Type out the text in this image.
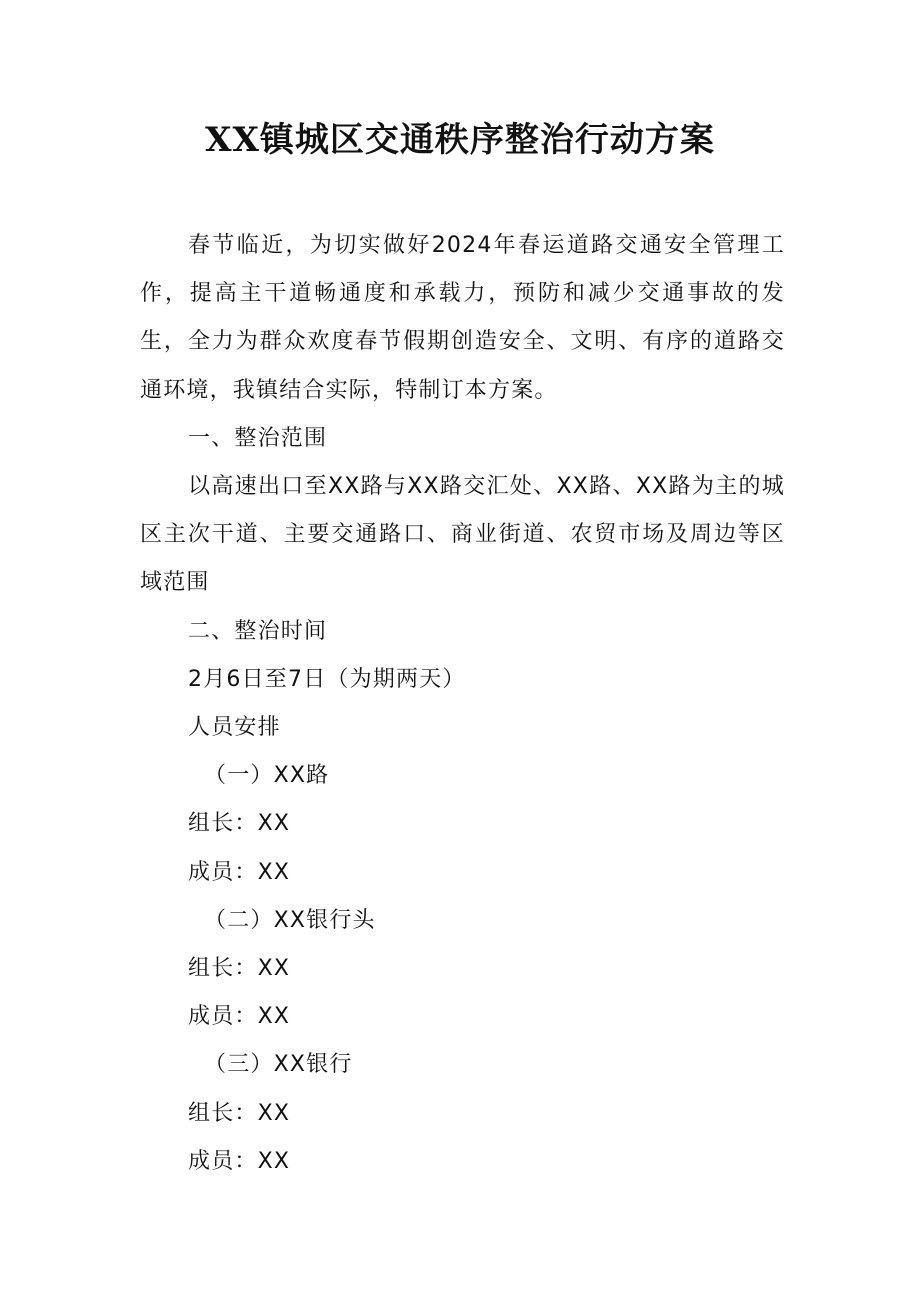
XX镇城区交通秩序整治行动方案

春节临近，为切实做好2024年春运道路交通安全管理工作，提高主干道畅通度和承载力，预防和减少交通事故的发生，全力为群众欢度春节假期创造安全、文明、有序的道路交通环境，我镇结合实际，特制订本方案。

一、整治范围

以高速出口至XX路与XX路交汇处、XX路、XX路为主的城区主次干道、主要交通路口、商业街道、农贸市场及周边等区域范围

二、整治时间

2月6日至7日（为期两天）

人员安排

（一）XX路

组长：XX

成员：XX

（二）XX银行头

组长：XX

成员：XX

（三）XX银行

组长：XX

成员：XX
